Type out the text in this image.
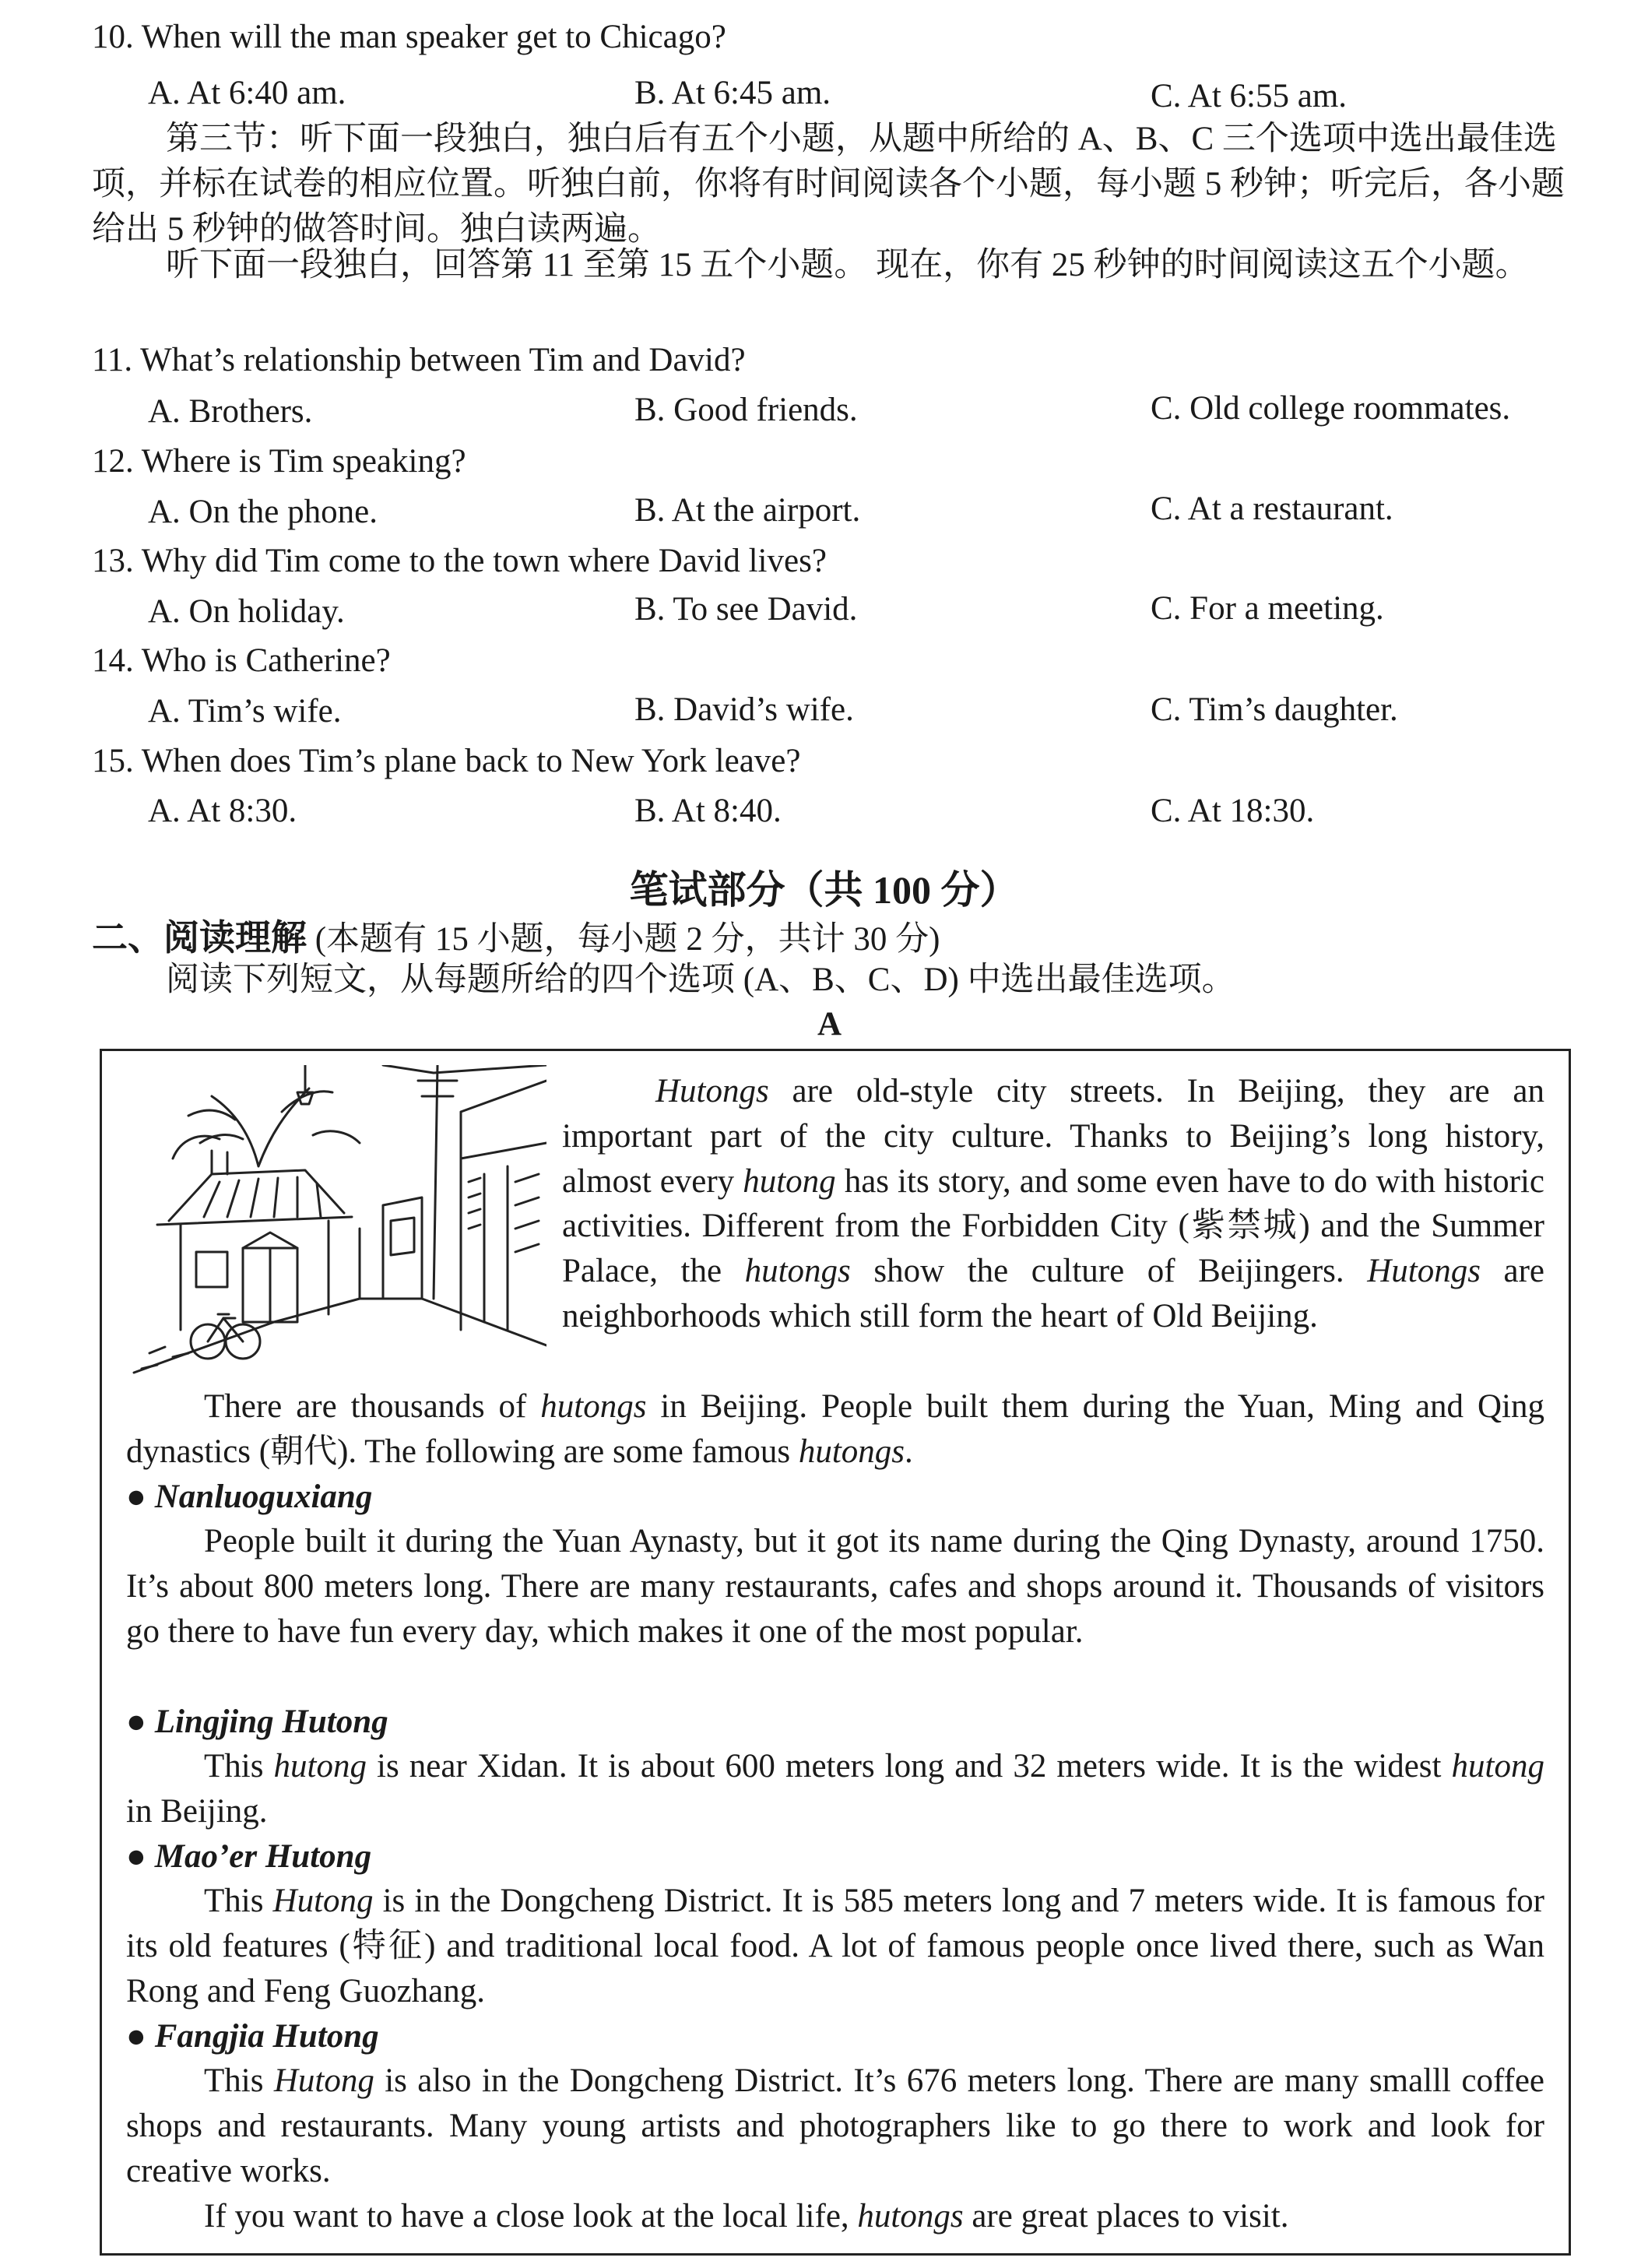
10. When will the man speaker get to Chicago?
A. At 6:40 am.	B. At 6:45 am.	C. At 6:55 am.
第三节：听下面一段独白，独白后有五个小题，从题中所给的 A、B、C 三个选项中选出最佳选项，并标在试卷的相应位置。听独白前，你将有时间阅读各个小题，每小题 5 秒钟；听完后，各小题给出 5 秒钟的做答时间。独白读两遍。
听下面一段独白，回答第 11 至第 15 五个小题。 现在，你有 25 秒钟的时间阅读这五个小题。
11. What’s relationship between Tim and David?
A. Brothers.	B. Good friends.	C. Old college roommates.
12. Where is Tim speaking?
A. On the phone.	B. At the airport.	C. At a restaurant.
13. Why did Tim come to the town where David lives?
A. On holiday.	B. To see David.	C. For a meeting.
14. Who is Catherine?
A. Tim’s wife.	B. David’s wife.	C. Tim’s daughter.
15. When does Tim’s plane back to New York leave?
A. At 8:30.	B. At 8:40.	C. At 18:30.
笔试部分（共 100 分）
二、阅读理解 (本题有 15 小题，每小题 2 分，共计 30 分)
阅读下列短文，从每题所给的四个选项 (A、B、C、D) 中选出最佳选项。
A
Hutongs are old-style city streets. In Beijing, they are an important part of the city culture. Thanks to Beijing’s long history, almost every hutong has its story, and some even have to do with historic activities. Different from the Forbidden City (紫禁城) and the Summer Palace, the hutongs show the culture of Beijingers. Hutongs are neighborhoods which still form the heart of Old Beijing.
There are thousands of hutongs in Beijing. People built them during the Yuan, Ming and Qing dynastics (朝代). The following are some famous hutongs.
● Nanluoguxiang
People built it during the Yuan Aynasty, but it got its name during the Qing Dynasty, around 1750. It’s about 800 meters long. There are many restaurants, cafes and shops around it. Thousands of visitors go there to have fun every day, which makes it one of the most popular.
● Lingjing Hutong
This hutong is near Xidan. It is about 600 meters long and 32 meters wide. It is the widest hutong in Beijing.
● Mao’er Hutong
This Hutong is in the Dongcheng District. It is 585 meters long and 7 meters wide. It is famous for its old features (特征) and traditional local food. A lot of famous people once lived there, such as Wan Rong and Feng Guozhang.
● Fangjia Hutong
This Hutong is also in the Dongcheng District. It’s 676 meters long. There are many smalll coffee shops and restaurants. Many young artists and photographers like to go there to work and look for creative works.
If you want to have a close look at the local life, hutongs are great places to visit.
